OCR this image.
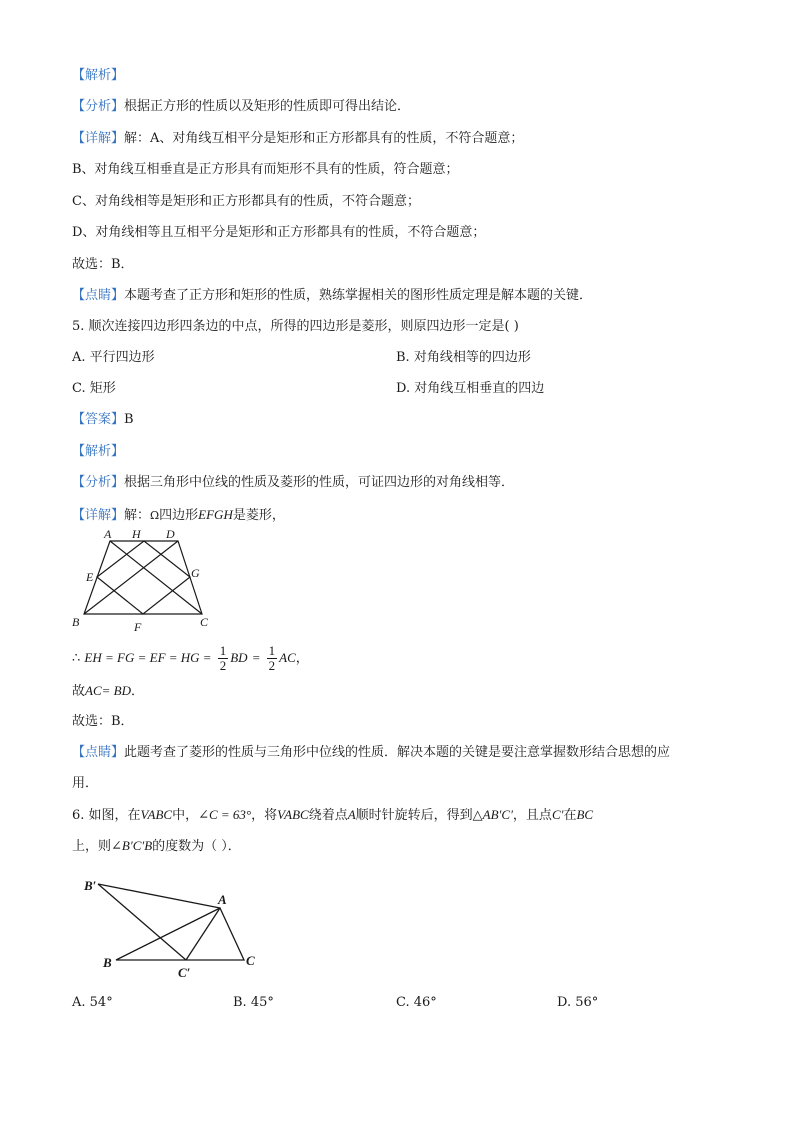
【解析】
【分析】根据正方形的性质以及矩形的性质即可得出结论．
【详解】解：A、对角线互相平分是矩形和正方形都具有的性质，不符合题意；
B、对角线互相垂直是正方形具有而矩形不具有的性质，符合题意；
C、对角线相等是矩形和正方形都具有的性质，不符合题意；
D、对角线相等且互相平分是矩形和正方形都具有的性质，不符合题意；
故选：B．
【点睛】本题考查了正方形和矩形的性质，熟练掌握相关的图形性质定理是解本题的关键．
5. 顺次连接四边形四条边的中点，所得的四边形是菱形，则原四边形一定是( )
A. 平行四边形	B. 对角线相等的四边形
C. 矩形	D. 对角线互相垂直的四边
【答案】B
【解析】
【分析】根据三角形中位线的性质及菱形的性质，可证四边形的对角线相等．
【详解】解：Ω四边形EFGH是菱形，
A H D
E	G
B	F	C
∴ EH = FG = EF = HG = $\frac{1}{2}$ BD = $\frac{1}{2}$ AC，
故AC= BD．
故选：B．
【点睛】此题考查了菱形的性质与三角形中位线的性质．解决本题的关键是要注意掌握数形结合思想的应
用．
6. 如图，在VABC中，∠C = 63°，将VABC绕着点A顺时针旋转后，得到△AB′C′，且点C′在BC
上，则∠B′C′B的度数为（ ）．
B′
A
B
C′
C
A. 54°	B. 45°	C. 46°	D. 56°
